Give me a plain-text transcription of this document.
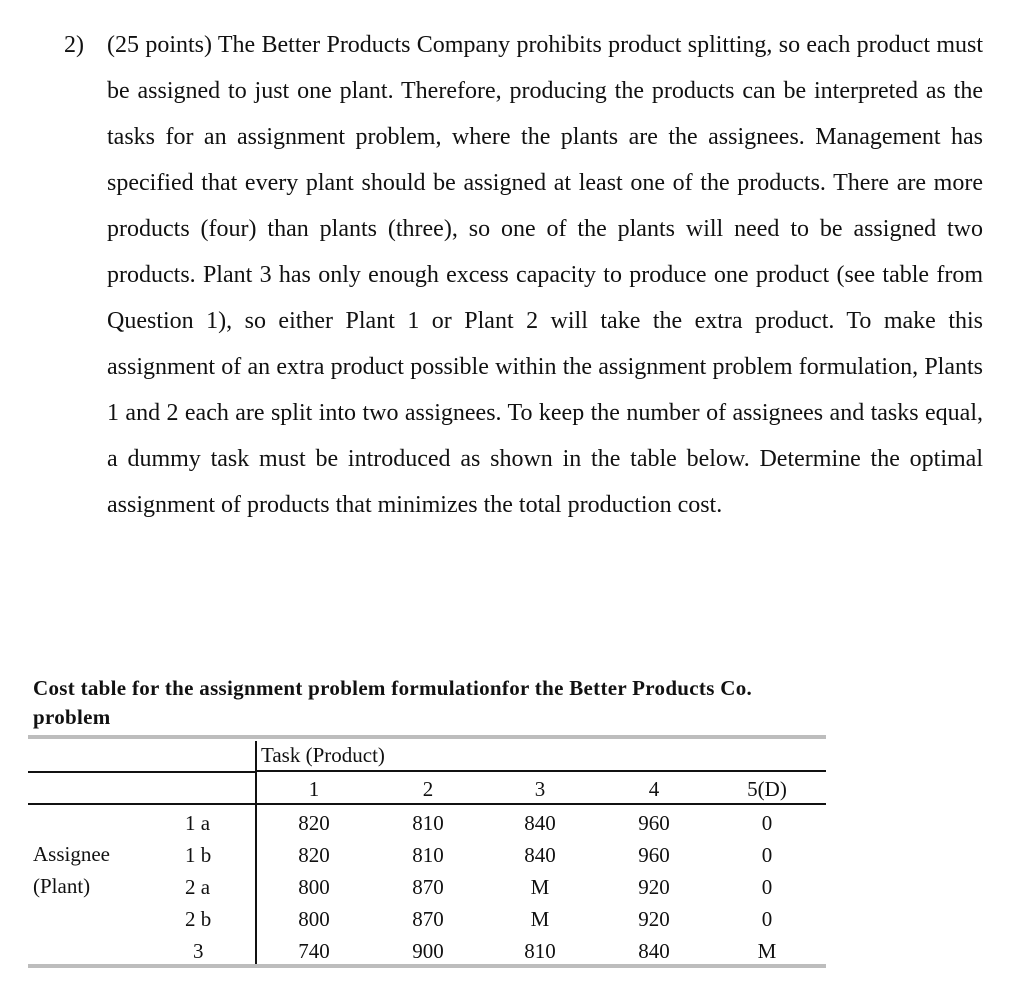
2) (25 points) The Better Products Company prohibits product splitting, so each product must be assigned to just one plant. Therefore, producing the products can be interpreted as the tasks for an assignment problem, where the plants are the assignees. Management has specified that every plant should be assigned at least one of the products. There are more products (four) than plants (three), so one of the plants will need to be assigned two products. Plant 3 has only enough excess capacity to produce one product (see table from Question 1), so either Plant 1 or Plant 2 will take the extra product. To make this assignment of an extra product possible within the assignment problem formulation, Plants 1 and 2 each are split into two assignees. To keep the number of assignees and tasks equal, a dummy task must be introduced as shown in the table below. Determine the optimal assignment of products that minimizes the total production cost.

Cost table for the assignment problem formulationfor the Better Products Co. problem
Task (Product)
1	2	3	4	5(D)
Assignee
(Plant)
1 a	820	810	840	960	0
1 b	820	810	840	960	0
2 a	800	870	M	920	0
2 b	800	870	M	920	0
3	740	900	810	840	M
